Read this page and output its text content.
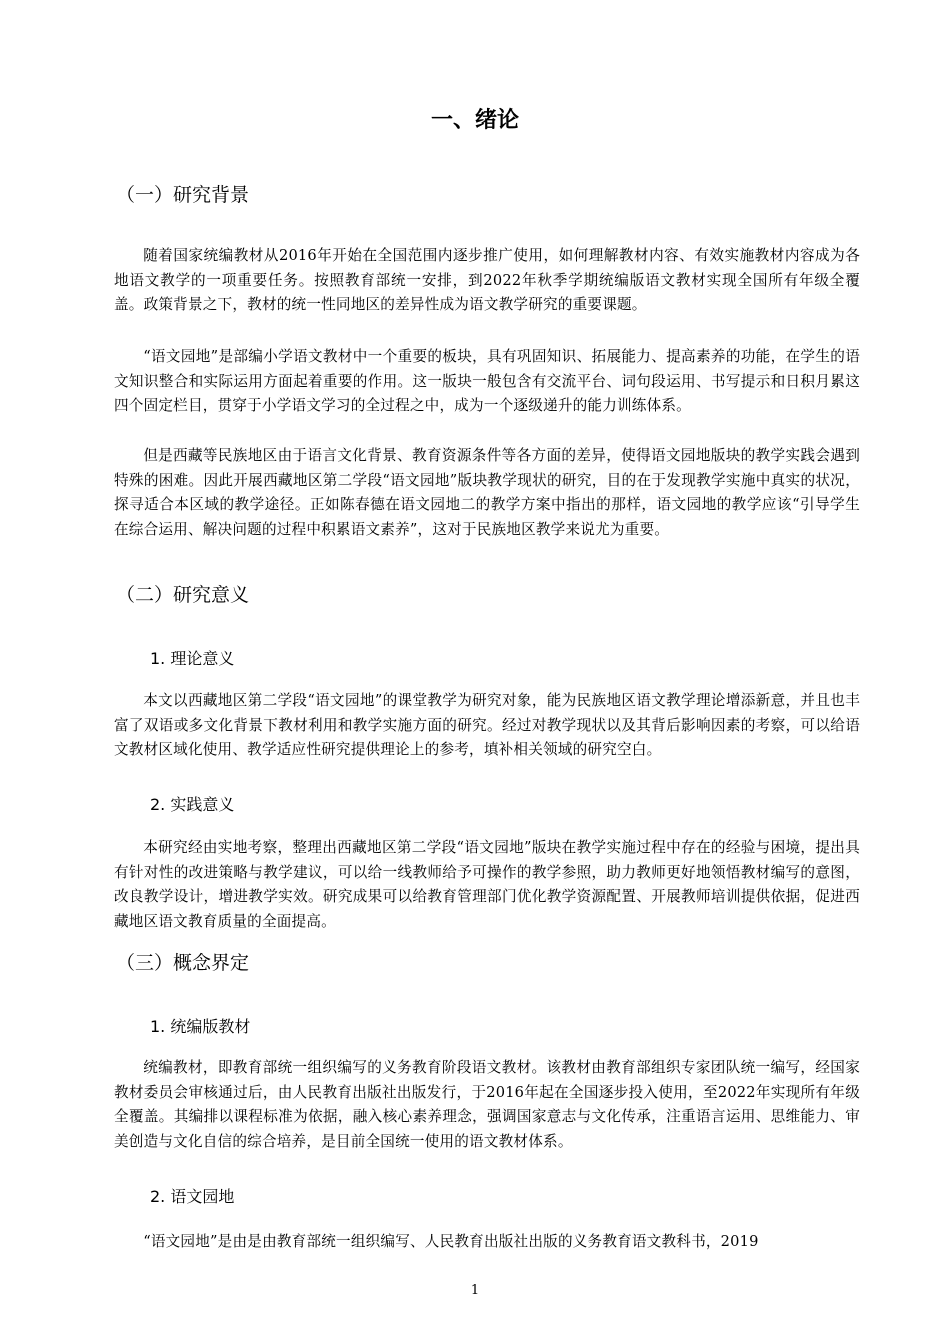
一、绪论
（一）研究背景
随着国家统编教材从2016年开始在全国范围内逐步推广使用，如何理解教材内容、有效实施教材内容成为各地语文教学的一项重要任务。按照教育部统一安排，到2022年秋季学期统编版语文教材实现全国所有年级全覆盖。政策背景之下，教材的统一性同地区的差异性成为语文教学研究的重要课题。
“语文园地”是部编小学语文教材中一个重要的板块，具有巩固知识、拓展能力、提高素养的功能，在学生的语文知识整合和实际运用方面起着重要的作用。这一版块一般包含有交流平台、词句段运用、书写提示和日积月累这四个固定栏目，贯穿于小学语文学习的全过程之中，成为一个逐级递升的能力训练体系。
但是西藏等民族地区由于语言文化背景、教育资源条件等各方面的差异，使得语文园地版块的教学实践会遇到特殊的困难。因此开展西藏地区第二学段“语文园地”版块教学现状的研究，目的在于发现教学实施中真实的状况，探寻适合本区域的教学途径。正如陈春德在语文园地二的教学方案中指出的那样，语文园地的教学应该“引导学生在综合运用、解决问题的过程中积累语文素养”，这对于民族地区教学来说尤为重要。
（二）研究意义
1. 理论意义
本文以西藏地区第二学段“语文园地”的课堂教学为研究对象，能为民族地区语文教学理论增添新意，并且也丰富了双语或多文化背景下教材利用和教学实施方面的研究。经过对教学现状以及其背后影响因素的考察，可以给语文教材区域化使用、教学适应性研究提供理论上的参考，填补相关领域的研究空白。
2. 实践意义
本研究经由实地考察，整理出西藏地区第二学段“语文园地”版块在教学实施过程中存在的经验与困境，提出具有针对性的改进策略与教学建议，可以给一线教师给予可操作的教学参照，助力教师更好地领悟教材编写的意图，改良教学设计，增进教学实效。研究成果可以给教育管理部门优化教学资源配置、开展教师培训提供依据，促进西藏地区语文教育质量的全面提高。
（三）概念界定
1. 统编版教材
统编教材，即教育部统一组织编写的义务教育阶段语文教材。该教材由教育部组织专家团队统一编写，经国家教材委员会审核通过后，由人民教育出版社出版发行，于2016年起在全国逐步投入使用，至2022年实现所有年级全覆盖。其编排以课程标准为依据，融入核心素养理念，强调国家意志与文化传承，注重语言运用、思维能力、审美创造与文化自信的综合培养，是目前全国统一使用的语文教材体系。
2. 语文园地
“语文园地”是由是由教育部统一组织编写、人民教育出版社出版的义务教育语文教科书，2019
1
